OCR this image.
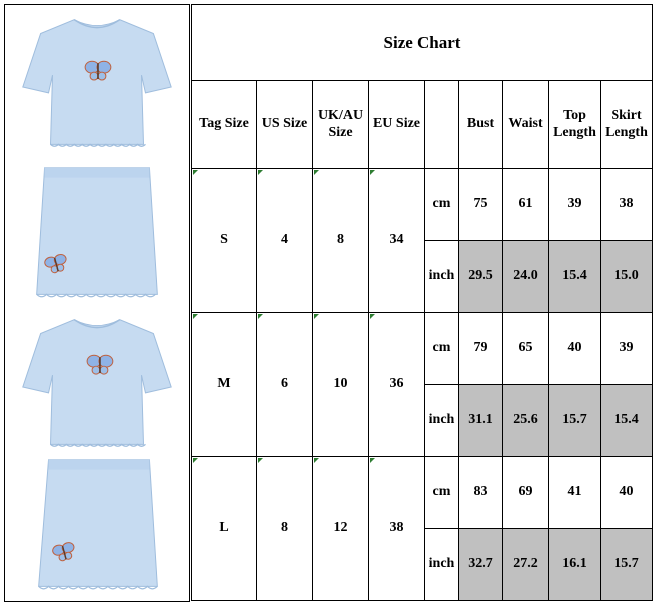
Size Chart								
Tag Size	US Size	UK/AU Size	EU Size		Bust	Waist	Top Length	Skirt Length
S	4	8	34	cm	75	61	39	38
				inch	29.5	24.0	15.4	15.0
M	6	10	36	cm	79	65	40	39
				inch	31.1	25.6	15.7	15.4
L	8	12	38	cm	83	69	41	40
				inch	32.7	27.2	16.1	15.7
